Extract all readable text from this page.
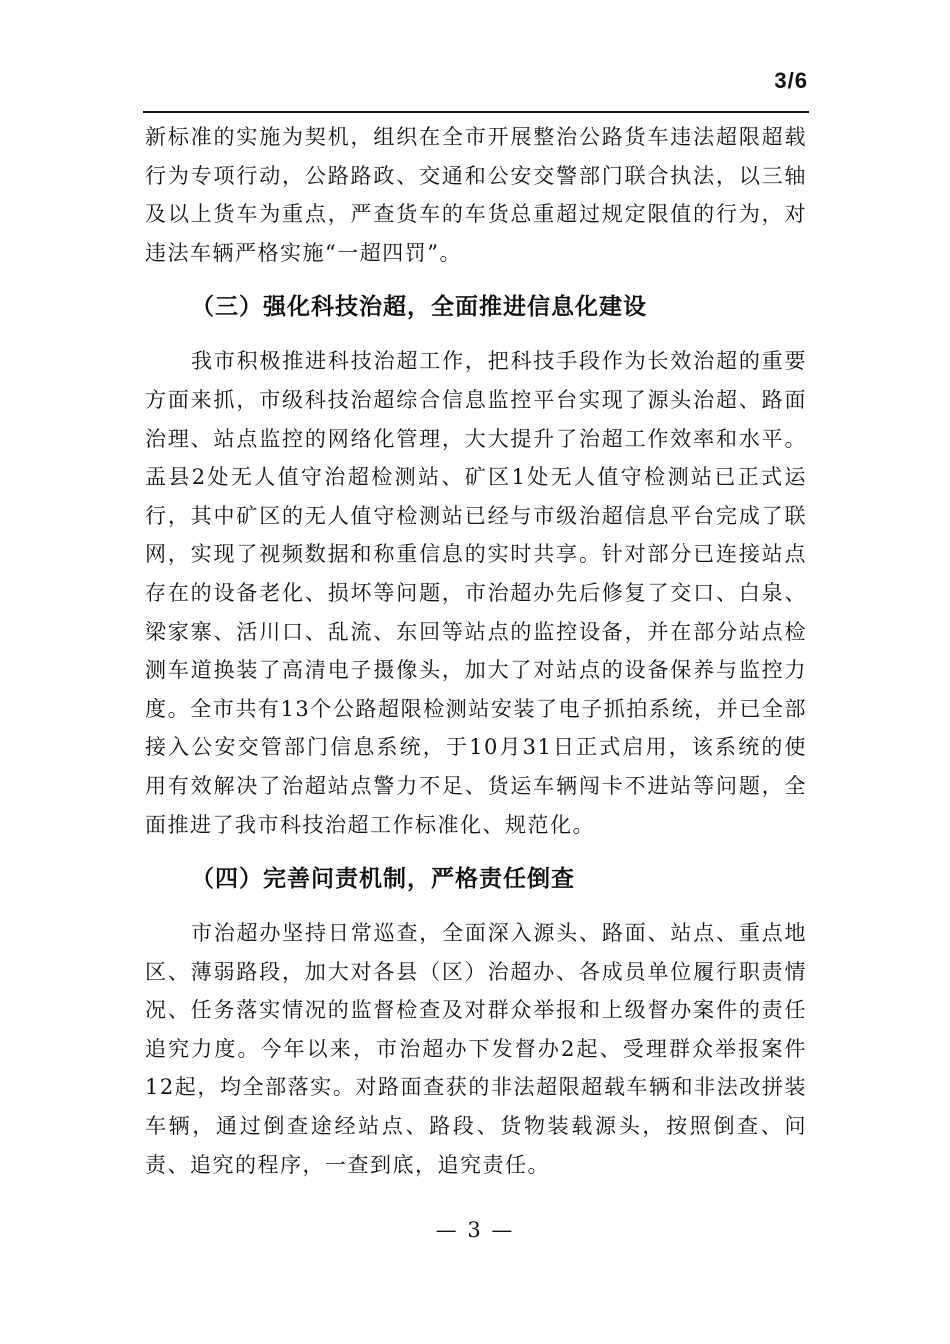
3/6

新标准的实施为契机，组织在全市开展整治公路货车违法超限超载行为专项行动，公路路政、交通和公安交警部门联合执法，以三轴及以上货车为重点，严查货车的车货总重超过规定限值的行为，对违法车辆严格实施“一超四罚”。

（三）强化科技治超，全面推进信息化建设

我市积极推进科技治超工作，把科技手段作为长效治超的重要方面来抓，市级科技治超综合信息监控平台实现了源头治超、路面治理、站点监控的网络化管理，大大提升了治超工作效率和水平。盂县2处无人值守治超检测站、矿区1处无人值守检测站已正式运行，其中矿区的无人值守检测站已经与市级治超信息平台完成了联网，实现了视频数据和称重信息的实时共享。针对部分已连接站点存在的设备老化、损坏等问题，市治超办先后修复了交口、白泉、梁家寨、活川口、乱流、东回等站点的监控设备，并在部分站点检测车道换装了高清电子摄像头，加大了对站点的设备保养与监控力度。全市共有13个公路超限检测站安装了电子抓拍系统，并已全部接入公安交管部门信息系统，于10月31日正式启用，该系统的使用有效解决了治超站点警力不足、货运车辆闯卡不进站等问题，全面推进了我市科技治超工作标准化、规范化。

（四）完善问责机制，严格责任倒查

市治超办坚持日常巡查，全面深入源头、路面、站点、重点地区、薄弱路段，加大对各县（区）治超办、各成员单位履行职责情况、任务落实情况的监督检查及对群众举报和上级督办案件的责任追究力度。今年以来，市治超办下发督办2起、受理群众举报案件12起，均全部落实。对路面查获的非法超限超载车辆和非法改拼装车辆，通过倒查途经站点、路段、货物装载源头，按照倒查、问责、追究的程序，一查到底，追究责任。

— 3 —
